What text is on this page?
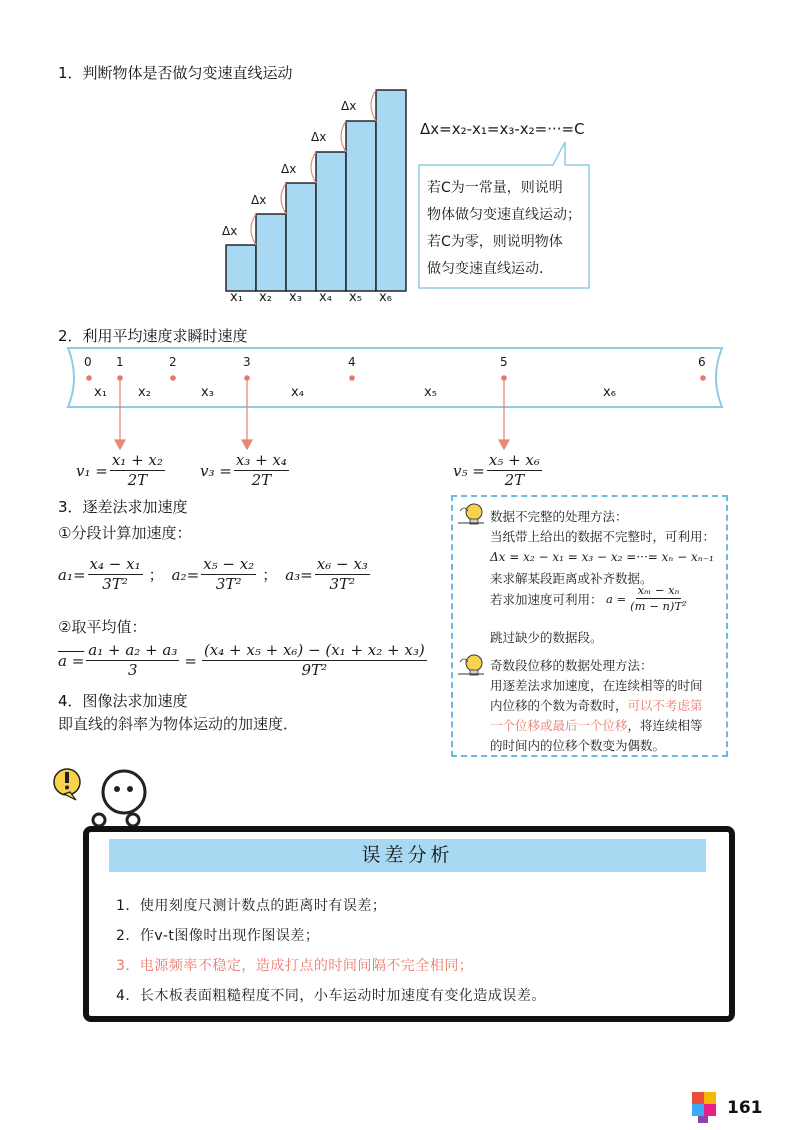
1．判断物体是否做匀变速直线运动
Δx
Δx
Δx
Δx
Δx
x₁ x₂ x₃ x₄ x₅ x₆
Δx=x₂-x₁=x₃-x₂=···=C
若C为一常量，则说明
物体做匀变速直线运动；
若C为零，则说明物体
做匀变速直线运动．
2．利用平均速度求瞬时速度
0 1	2	3	4	5	6
x₁ x₂	x₃	x₄	x₅	x₆
$v_1 = \frac{\text{x₁ + x₂}}{2T} v_3 = \frac{\text{x₃ + x₄}}{2T}$	$v_5 = \frac{\text{x₅ + x₆}}{2T}$
3．逐差法求加速度
①分段计算加速度：
$a_1= \frac{\text{x₄ − x₁}}{\text{3T²}}$ ； $a_2= \frac{\text{x₅ − x₂}}{\text{3T²}}$ ； $a_3= \frac{\text{x₆ − x₃}}{\text{3T²}}$
②取平均值：
$a = \frac{\text{a₁ + a₂ + a₃}}{3} = \frac{\text{(x₄ + x₅ + x₆) − (x₁ + x₂ + x₃)}}{\text{9T²}}$
4．图像法求加速度
即直线的斜率为物体运动的加速度．
数据不完整的处理方法：
当纸带上给出的数据不完整时，可利用：
Δx = x₂ − x₁ = x₃ − x₂ =···= xₙ − xₙ₋₁
来求解某段距离或补齐数据。
若求加速度可利用： $a = \frac{\text{xₘ − xₙ}}{\text{(m − n)T²}}$
跳过缺少的数据段。
奇数段位移的数据处理方法：
用逐差法求加速度，在连续相等的时间
内位移的个数为奇数时，可以不考虑第
一个位移或最后一个位移，将连续相等
的时间内的位移个数变为偶数。
误差分析
1．使用刻度尺测计数点的距离时有误差；
2．作v-t图像时出现作图误差；
3．电源频率不稳定，造成打点的时间间隔不完全相同；
4．长木板表面粗糙程度不同，小车运动时加速度有变化造成误差。
161
